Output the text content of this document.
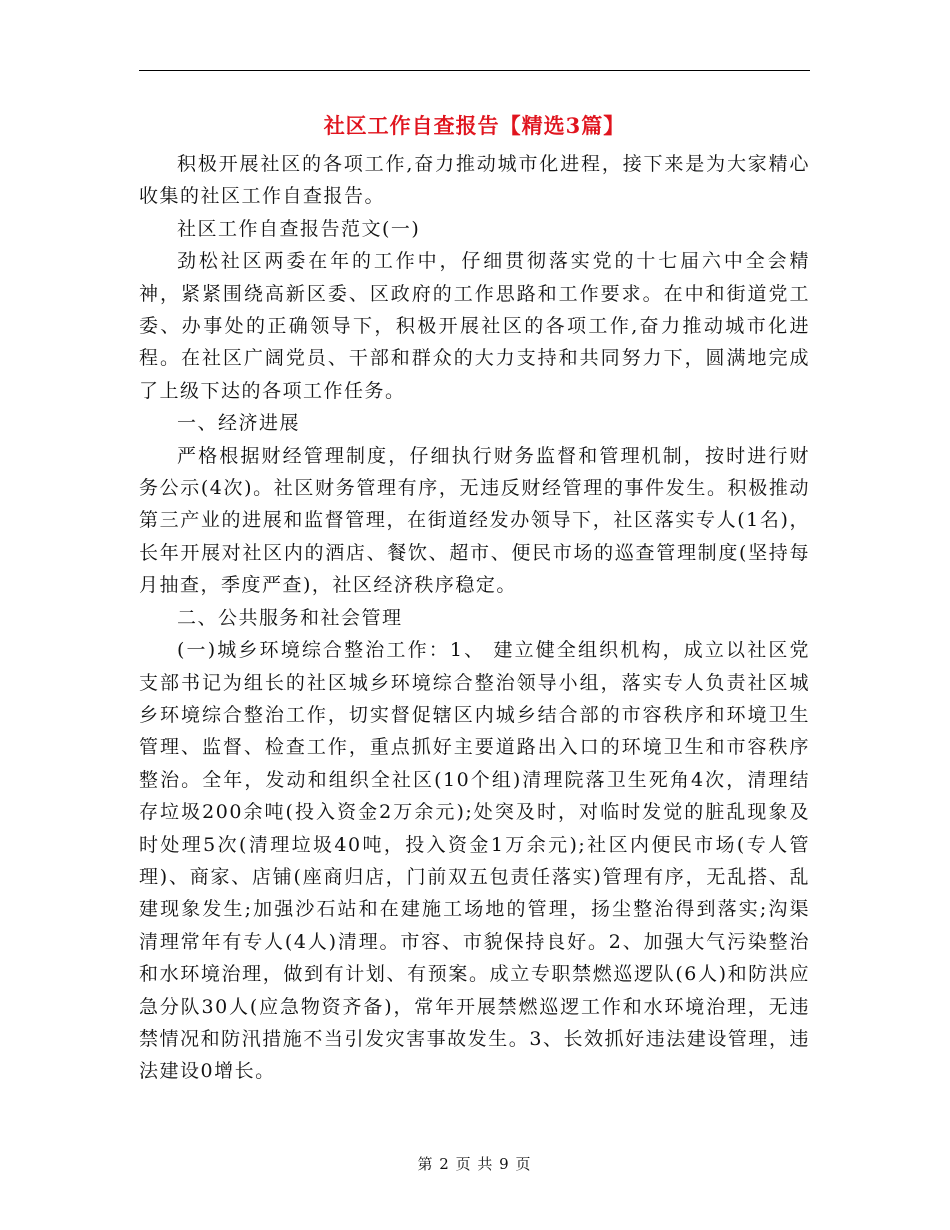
社区工作自查报告【精选3篇】

积极开展社区的各项工作,奋力推动城市化进程，接下来是为大家精心收集的社区工作自查报告。

社区工作自查报告范文(一)

劲松社区两委在年的工作中，仔细贯彻落实党的十七届六中全会精神，紧紧围绕高新区委、区政府的工作思路和工作要求。在中和街道党工委、办事处的正确领导下，积极开展社区的各项工作,奋力推动城市化进程。在社区广阔党员、干部和群众的大力支持和共同努力下，圆满地完成了上级下达的各项工作任务。

一、经济进展

严格根据财经管理制度，仔细执行财务监督和管理机制，按时进行财务公示(4次)。社区财务管理有序，无违反财经管理的事件发生。积极推动第三产业的进展和监督管理，在街道经发办领导下，社区落实专人(1名)，长年开展对社区内的酒店、餐饮、超市、便民市场的巡查管理制度(坚持每月抽查，季度严查)，社区经济秩序稳定。

二、公共服务和社会管理

(一)城乡环境综合整治工作：1、 建立健全组织机构，成立以社区党支部书记为组长的社区城乡环境综合整治领导小组，落实专人负责社区城乡环境综合整治工作，切实督促辖区内城乡结合部的市容秩序和环境卫生管理、监督、检查工作，重点抓好主要道路出入口的环境卫生和市容秩序整治。全年，发动和组织全社区(10个组)清理院落卫生死角4次，清理结存垃圾200余吨(投入资金2万余元);处突及时，对临时发觉的脏乱现象及时处理5次(清理垃圾40吨，投入资金1万余元);社区内便民市场(专人管理)、商家、店铺(座商归店，门前双五包责任落实)管理有序，无乱搭、乱建现象发生;加强沙石站和在建施工场地的管理，扬尘整治得到落实;沟渠清理常年有专人(4人)清理。市容、市貌保持良好。2、加强大气污染整治和水环境治理，做到有计划、有预案。成立专职禁燃巡逻队(6人)和防洪应急分队30人(应急物资齐备)，常年开展禁燃巡逻工作和水环境治理，无违禁情况和防汛措施不当引发灾害事故发生。3、长效抓好违法建设管理，违法建设0增长。

第 2 页 共 9 页
